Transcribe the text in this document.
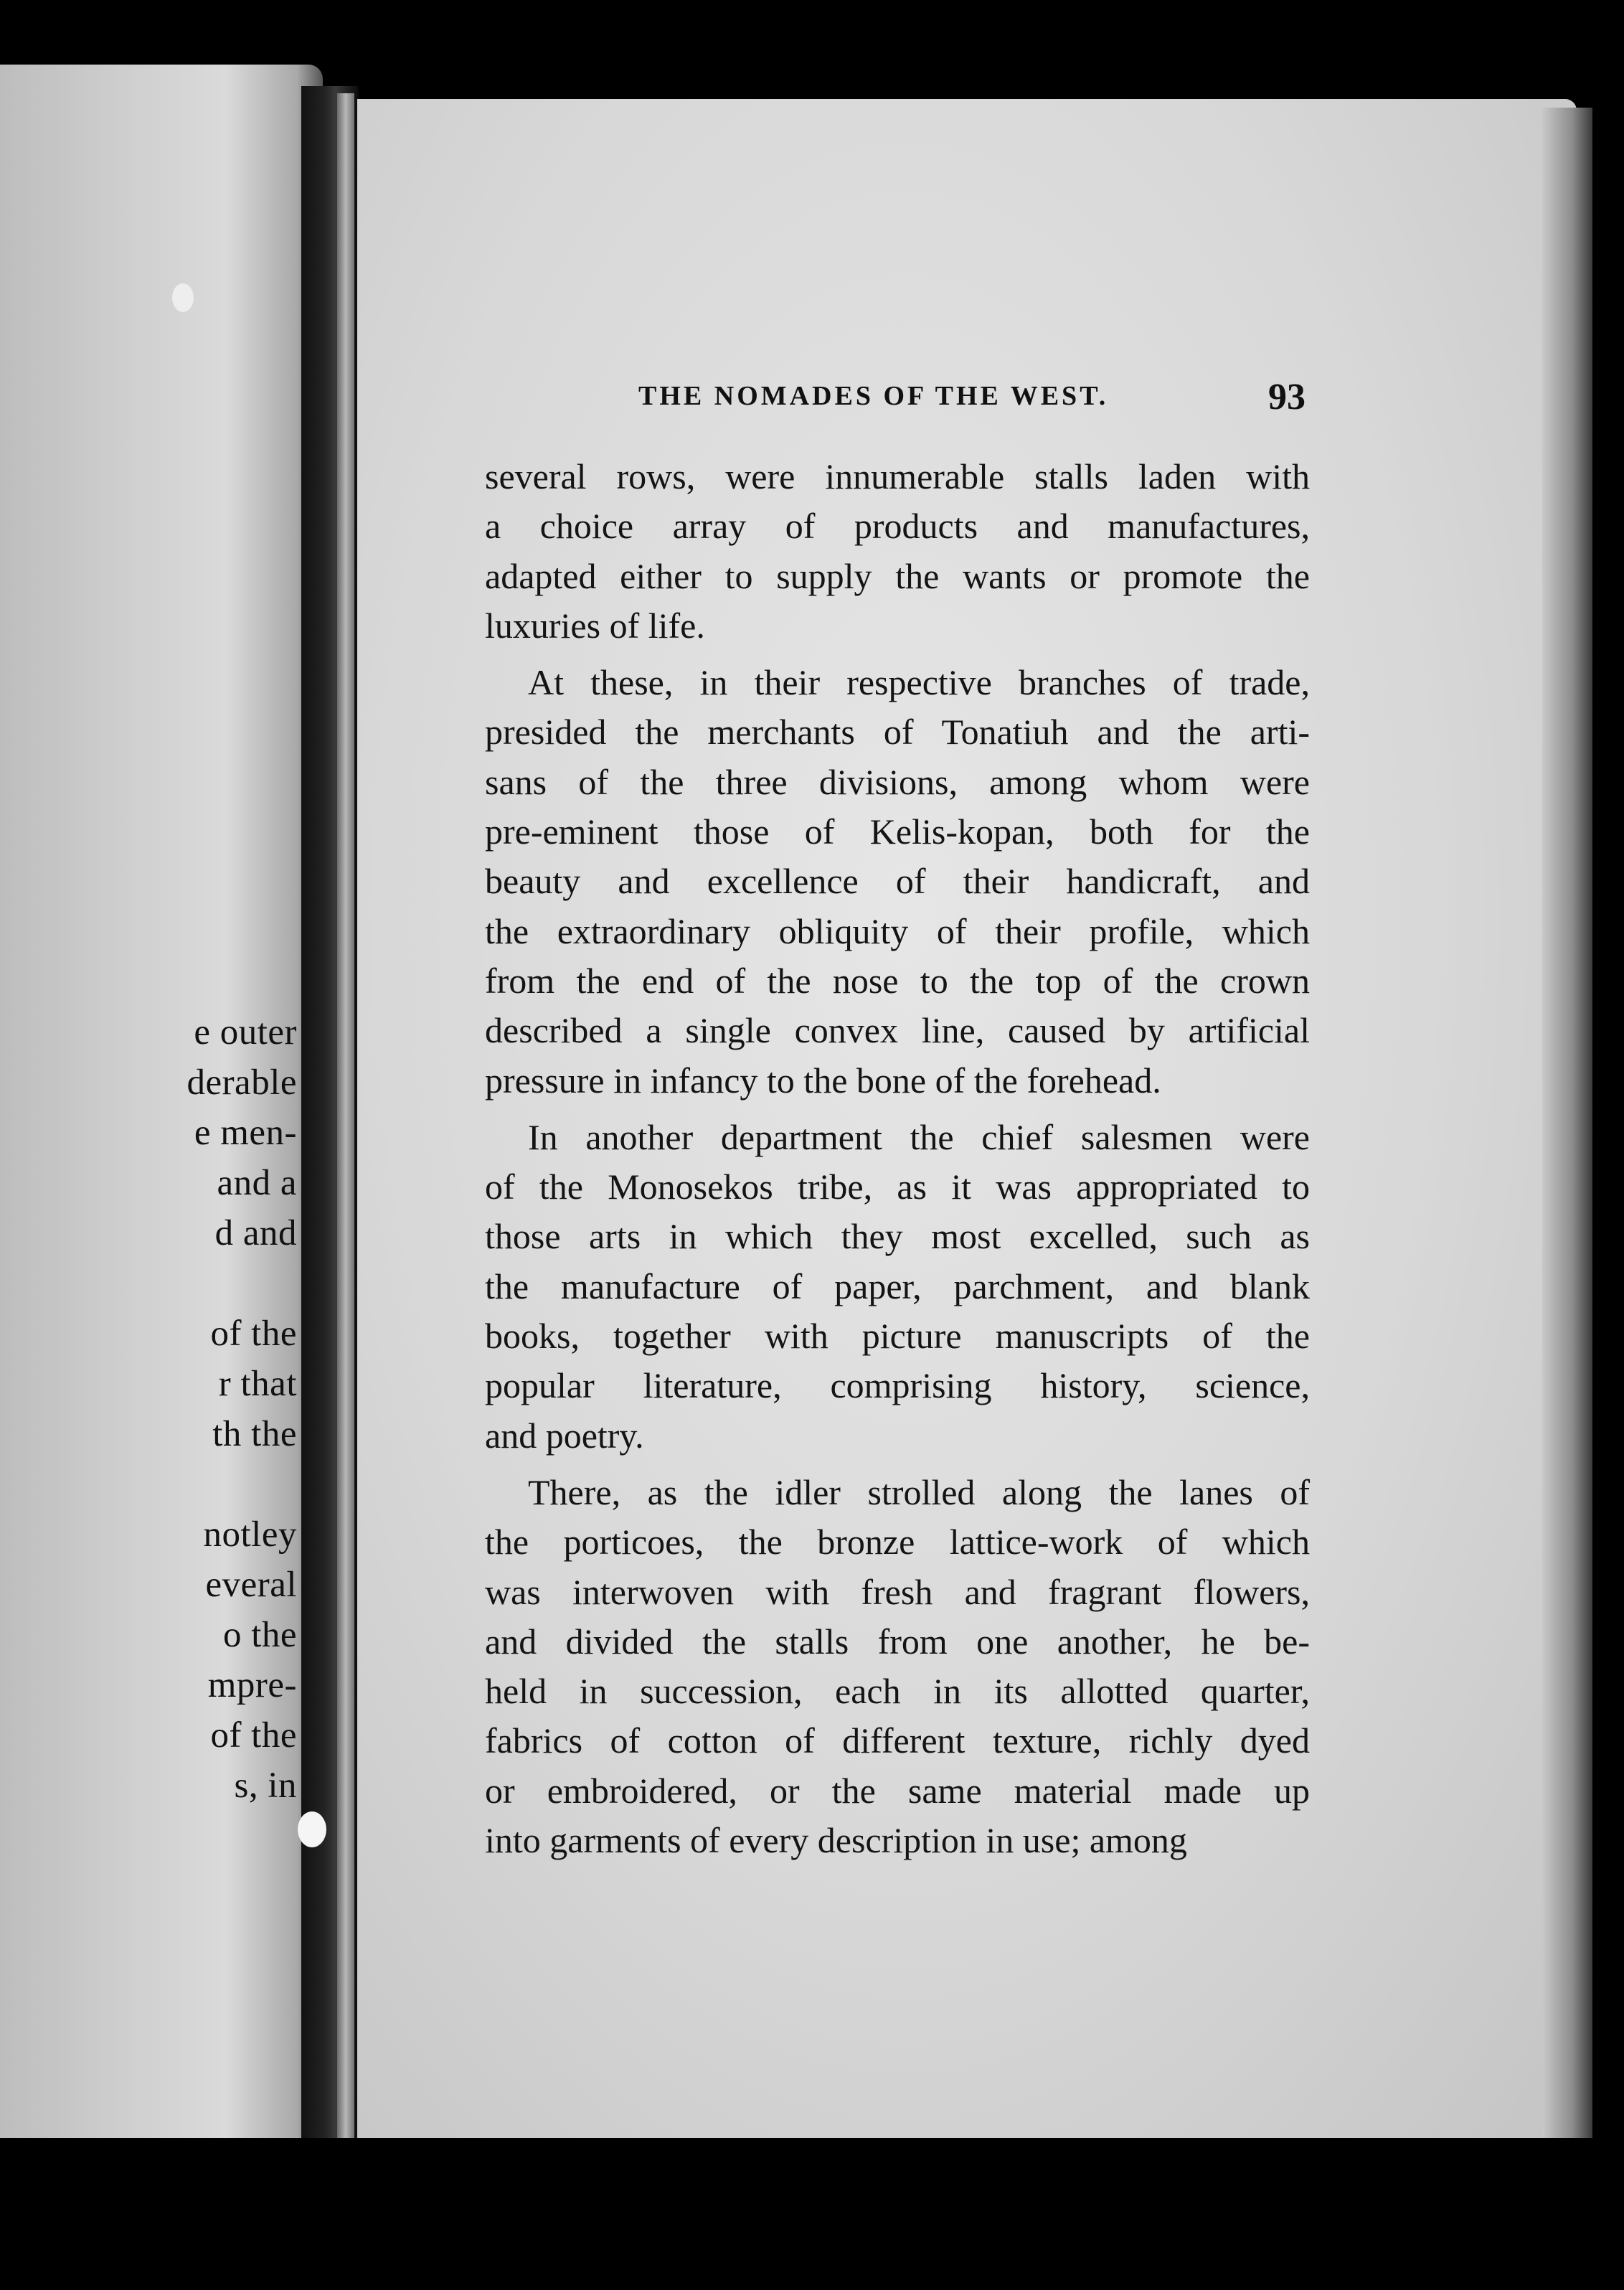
e outer
derable
e men-
and a
d and
of the
r that
th the
notley
everal
o the
mpre-
of the
s, in
THE NOMADES OF THE WEST.	93
several rows, were innumerable stalls laden with
a choice array of products and manufactures,
adapted either to supply the wants or promote the
luxuries of life.
At these, in their respective branches of trade,
presided the merchants of Tonatiuh and the arti-
sans of the three divisions, among whom were
pre-eminent those of Kelis-kopan, both for the
beauty and excellence of their handicraft, and
the extraordinary obliquity of their profile, which
from the end of the nose to the top of the crown
described a single convex line, caused by artificial
pressure in infancy to the bone of the forehead.
In another department the chief salesmen were
of the Monosekos tribe, as it was appropriated to
those arts in which they most excelled, such as
the manufacture of paper, parchment, and blank
books, together with picture manuscripts of the
popular literature, comprising history, science,
and poetry.
There, as the idler strolled along the lanes of
the porticoes, the bronze lattice-work of which
was interwoven with fresh and fragrant flowers,
and divided the stalls from one another, he be-
held in succession, each in its allotted quarter,
fabrics of cotton of different texture, richly dyed
or embroidered, or the same material made up
into garments of every description in use; among
